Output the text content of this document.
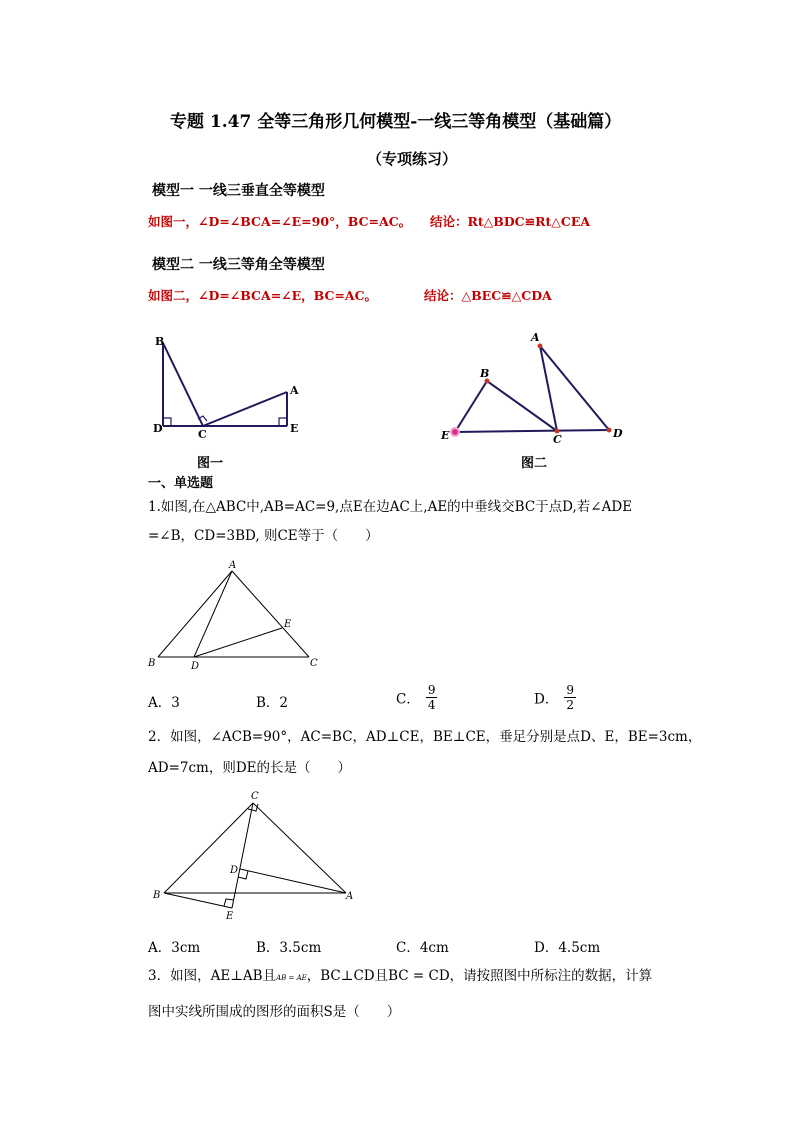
专题 1.47 全等三角形几何模型-一线三等角模型（基础篇）
（专项练习）
模型一 一线三垂直全等模型
如图一，∠D=∠BCA=∠E=90°，BC=AC。 结论：Rt△BDC≌Rt△CEA
模型二 一线三等角全等模型
如图二，∠D=∠BCA=∠E，BC=AC。	结论：△BEC≌△CDA
B
A
D	C	E
图一
A
B
E	C	D
图二
一、单选题
1.如图,在△ABC中,AB=AC=9,点E在边AC上,AE的中垂线交BC于点D,若∠ADE
=∠B，CD=3BD, 则CE等于（　　）
A
E
B	D	C
A．3	B．2	C． $\frac{9}{4}$	D． $\frac{9}{2}$
2．如图，∠ACB=90°，AC=BC，AD⊥CE，BE⊥CE，垂足分别是点D、E，BE=3cm，
AD=7cm，则DE的长是（　　）
C
D
B	A
E
A．3cm	B．3.5cm	C．4cm	D．4.5cm
3．如图，AE⊥AB且AB = AE，BC⊥CD且BC = CD，请按照图中所标注的数据，计算
图中实线所围成的图形的面积S是（　　）
